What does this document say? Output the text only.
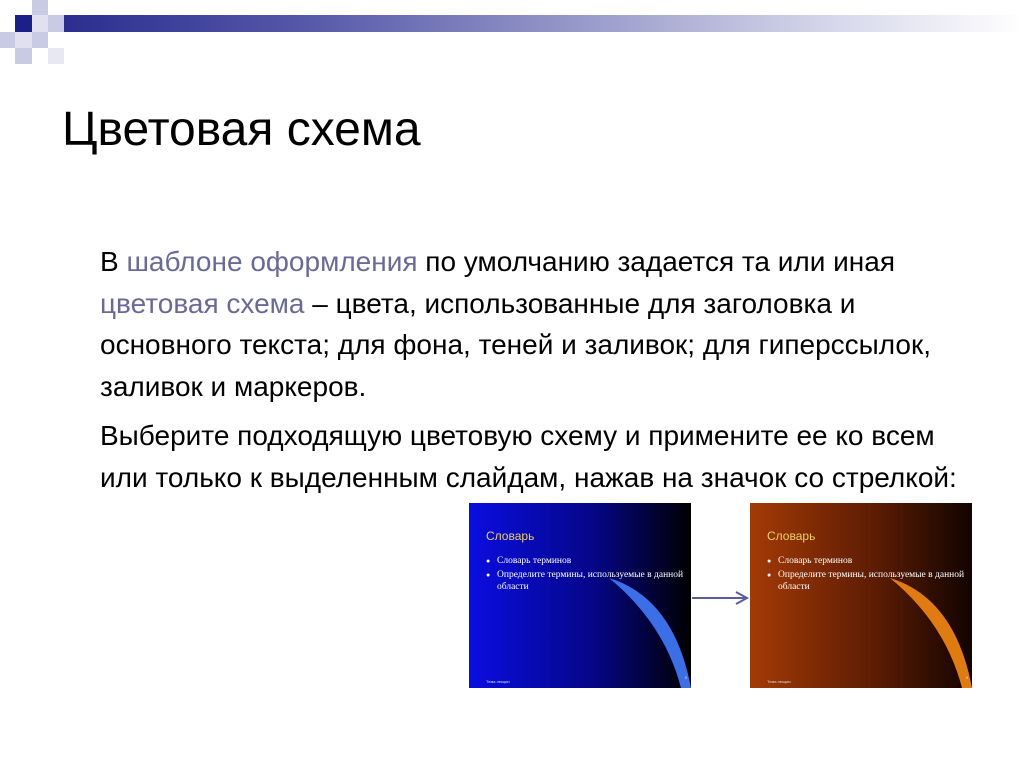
Цветовая схема

В шаблоне оформления по умолчанию задается та или иная цветовая схема – цвета, использованные для заголовка и основного текста; для фона, теней и заливок; для гиперссылок, заливок и маркеров.

Выберите подходящую цветовую схему и примените ее ко всем или только к выделенным слайдам, нажав на значок со стрелкой:

Словарь
● Словарь терминов
● Определите термины, используемые в данной области
Тема лекции
5
Словарь
● Словарь терминов
● Определите термины, используемые в данной области
Тема лекции
5
